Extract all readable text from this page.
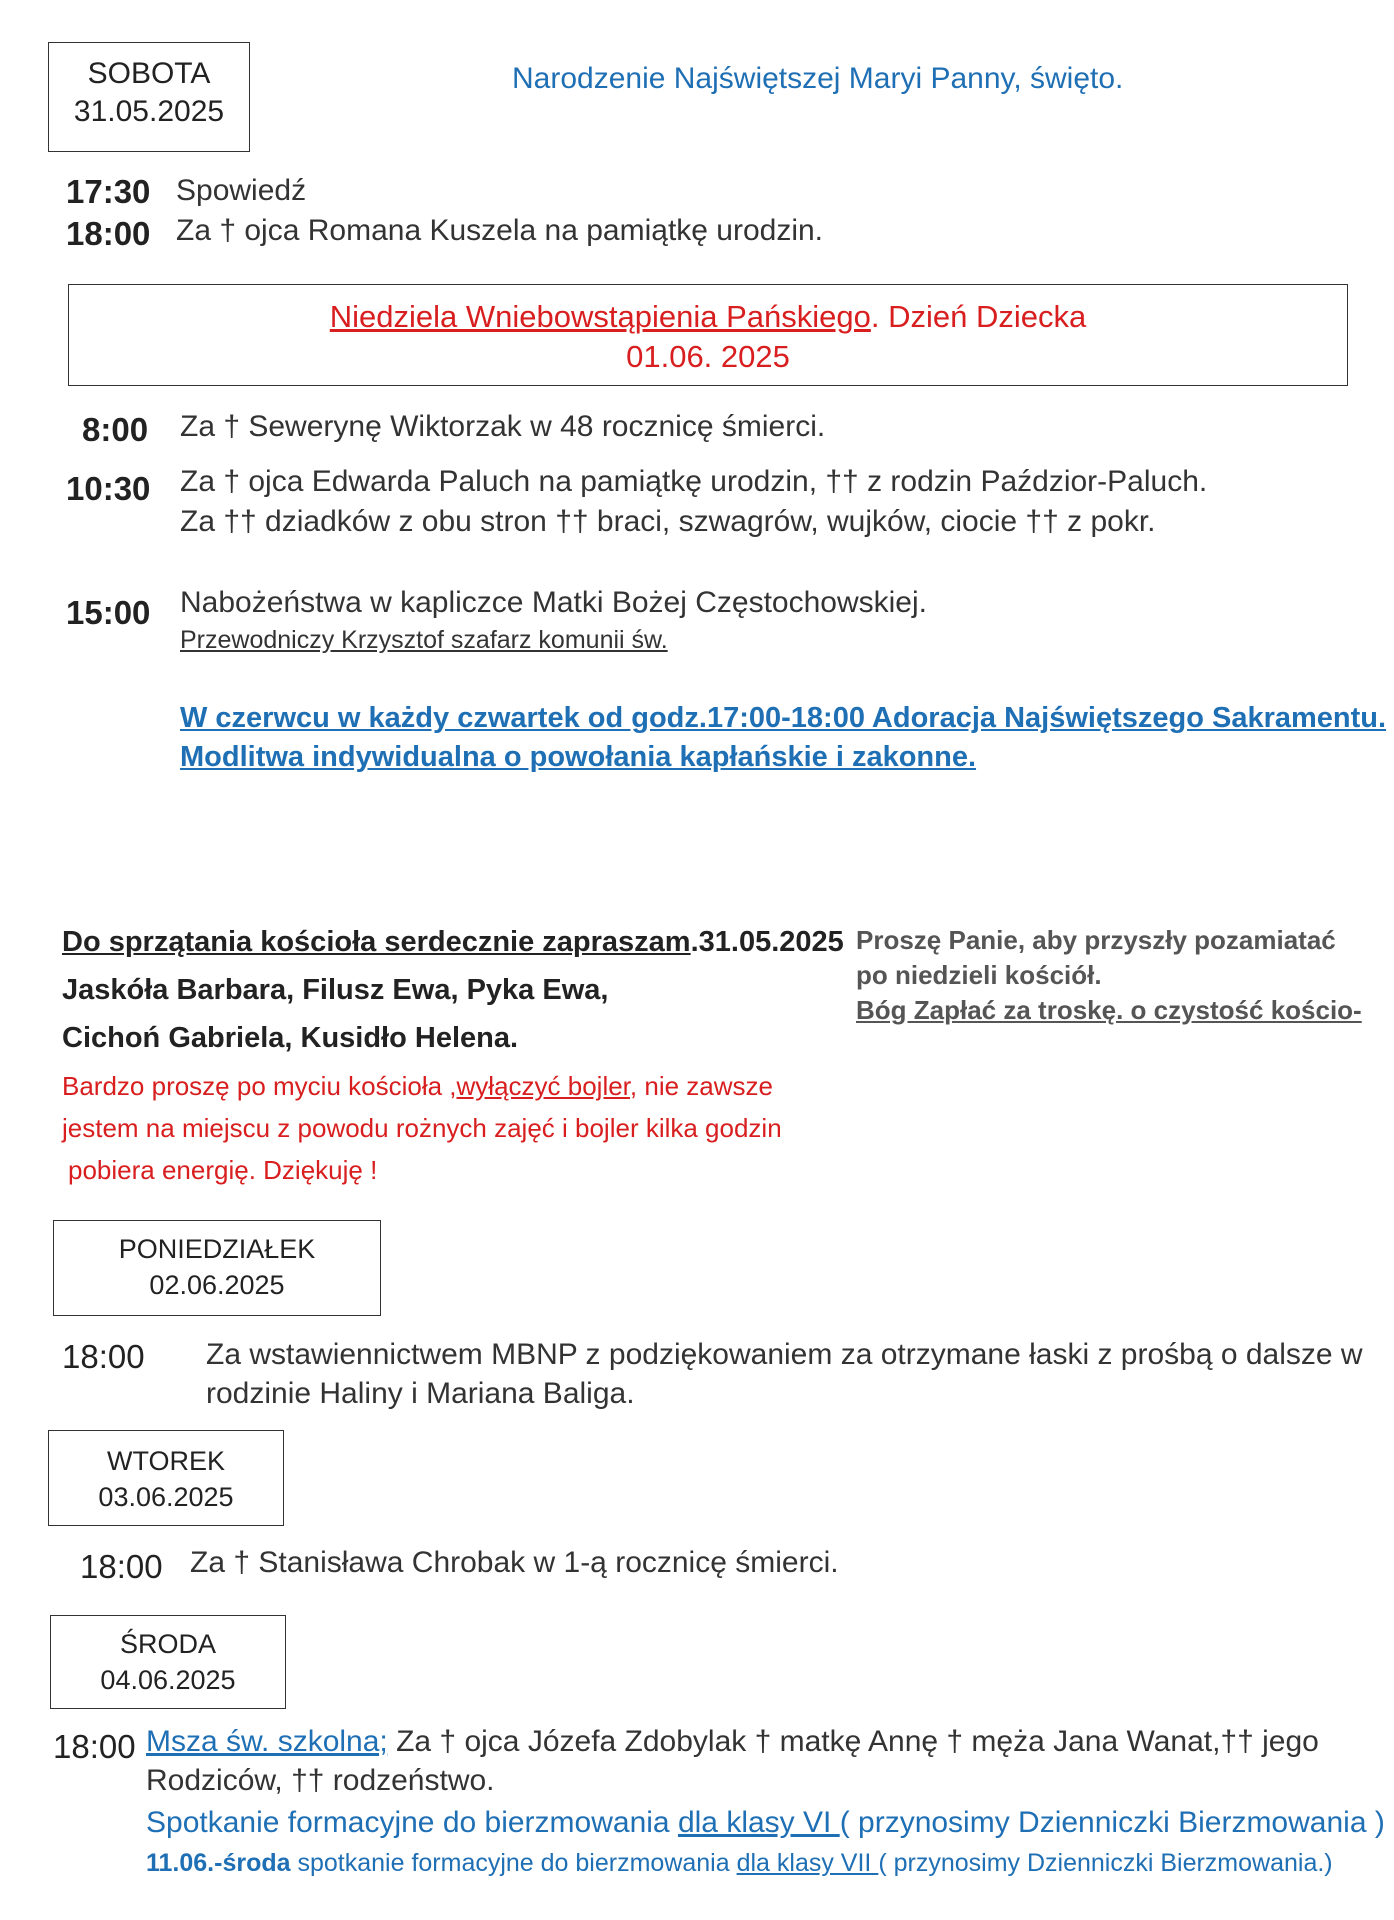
SOBOTA
31.05.2025
Narodzenie Najświętszej Maryi Panny, święto.
17:30 Spowiedź
18:00 Za † ojca Romana Kuszela na pamiątkę urodzin.
Niedziela Wniebowstąpienia Pańskiego. Dzień Dziecka
01.06. 2025
8:00 Za † Sewerynę Wiktorzak w 48 rocznicę śmierci.
10:30 Za † ojca Edwarda Paluch na pamiątkę urodzin, †† z rodzin Paździor-Paluch.
Za †† dziadków z obu stron †† braci, szwagrów, wujków, ciocie †† z pokr.
15:00 Nabożeństwa w kapliczce Matki Bożej Częstochowskiej.
Przewodniczy Krzysztof szafarz komunii św.
W czerwcu w każdy czwartek od godz.17:00-18:00 Adoracja Najświętszego Sakramentu.
Modlitwa indywidualna o powołania kapłańskie i zakonne.
Do sprzątania kościoła serdecznie zapraszam.31.05.2025
Jaskóła Barbara, Filusz Ewa, Pyka Ewa,
Cichoń Gabriela, Kusidło Helena.
Bardzo proszę po myciu kościoła ,wyłączyć bojler, nie zawsze
jestem na miejscu z powodu rożnych zajęć i bojler kilka godzin
pobiera energię. Dziękuję !
Proszę Panie, aby przyszły pozamiatać
po niedzieli kościół.
Bóg Zapłać za troskę. o czystość kościo-
PONIEDZIAŁEK
02.06.2025
18:00 Za wstawiennictwem MBNP z podziękowaniem za otrzymane łaski z prośbą o dalsze w
rodzinie Haliny i Mariana Baliga.
WTOREK
03.06.2025
18:00 Za † Stanisława Chrobak w 1-ą rocznicę śmierci.
ŚRODA
04.06.2025
18:00 Msza św. szkolna; Za † ojca Józefa Zdobylak † matkę Annę † męża Jana Wanat,†† jego
Rodziców, †† rodzeństwo.
Spotkanie formacyjne do bierzmowania dla klasy VI ( przynosimy Dzienniczki Bierzmowania )
11.06.-środa spotkanie formacyjne do bierzmowania dla klasy VII ( przynosimy Dzienniczki Bierzmowania.)
